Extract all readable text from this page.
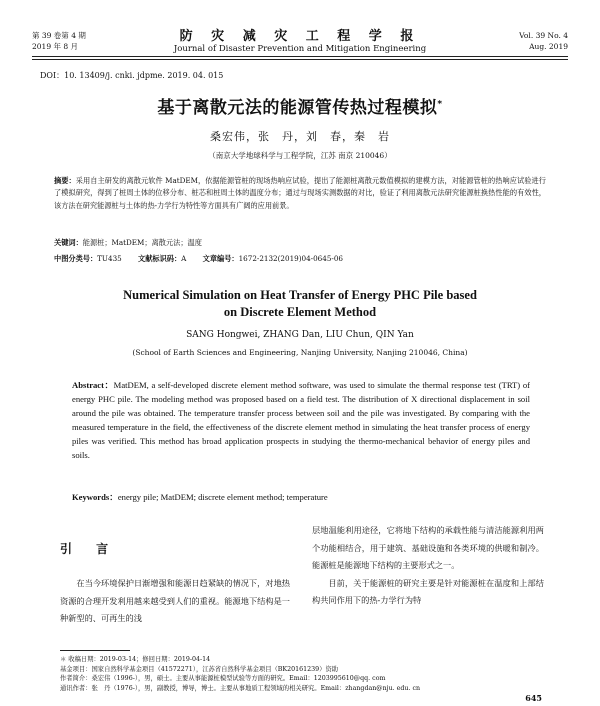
第 39 卷第 4 期
2019 年 8 月
防 灾 减 灾 工 程 学 报
Journal of Disaster Prevention and Mitigation Engineering
Vol. 39 No. 4
Aug. 2019
DOI：10. 13409/j. cnki. jdpme. 2019. 04. 015
基于离散元法的能源管传热过程模拟*
桑宏伟，张　丹，刘　春，秦　岩
（南京大学地球科学与工程学院，江苏 南京 210046）
摘要：采用自主研发的离散元软件 MatDEM，依据能源管桩的现场热响应试验，提出了能源桩离散元数值模拟的建模方法，对能源管桩的热响应试验进行了模拟研究，得到了桩周土体的位移分布、桩芯和桩周土体的温度分布；通过与现场实测数据的对比，验证了利用离散元法研究能源桩换热性能的有效性，该方法在研究能源桩与土体的热-力学行为特性等方面具有广阔的应用前景。
关键词：能源桩；MatDEM；离散元法；温度
中图分类号：TU435 文献标识码：A 文章编号：1672-2132(2019)04-0645-06
Numerical Simulation on Heat Transfer of Energy PHC Pile based
on Discrete Element Method
SANG Hongwei, ZHANG Dan, LIU Chun, QIN Yan
(School of Earth Sciences and Engineering, Nanjing University, Nanjing 210046, China)
Abstract：MatDEM, a self-developed discrete element method software, was used to simulate the thermal response test (TRT) of energy PHC pile. The modeling method was proposed based on a field test. The distribution of X directional displacement in soil around the pile was obtained. The temperature transfer process between soil and the pile was investigated. By comparing with the measured temperature in the field, the effectiveness of the discrete element method in simulating the heat transfer process of energy piles was verified. This method has broad application prospects in studying the thermo-mechanical behavior of energy piles and soils.
Keywords：energy pile; MatDEM; discrete element method; temperature
引 言

在当今环境保护日渐增强和能源日趋紧缺的情况下，对地热资源的合理开发利用越来越受到人们的重视。能源地下结构是一种新型的、可再生的浅

层地温能利用途径，它将地下结构的承载性能与清洁能源利用两个功能相结合，用于建筑、基础设施和各类环境的供暖和制冷。能源桩是能源地下结构的主要形式之一。

目前，关于能源桩的研究主要是针对能源桩在温度和上部结构共同作用下的热-力学行为特

＊ 收稿日期：2019-03-14；修回日期：2019-04-14

基金项目：国家自然科学基金项目（41572271），江苏省自然科学基金项目（BK20161239）资助

作者简介：桑宏伟（1996-），男，硕士。主要从事能源桩模型试验等方面的研究。Email：1203995610@qq. com

通讯作者：张　丹（1976-），男，副教授，博导，博士。主要从事地质工程领域的相关研究。Email：zhangdan@nju. edu. cn

645
